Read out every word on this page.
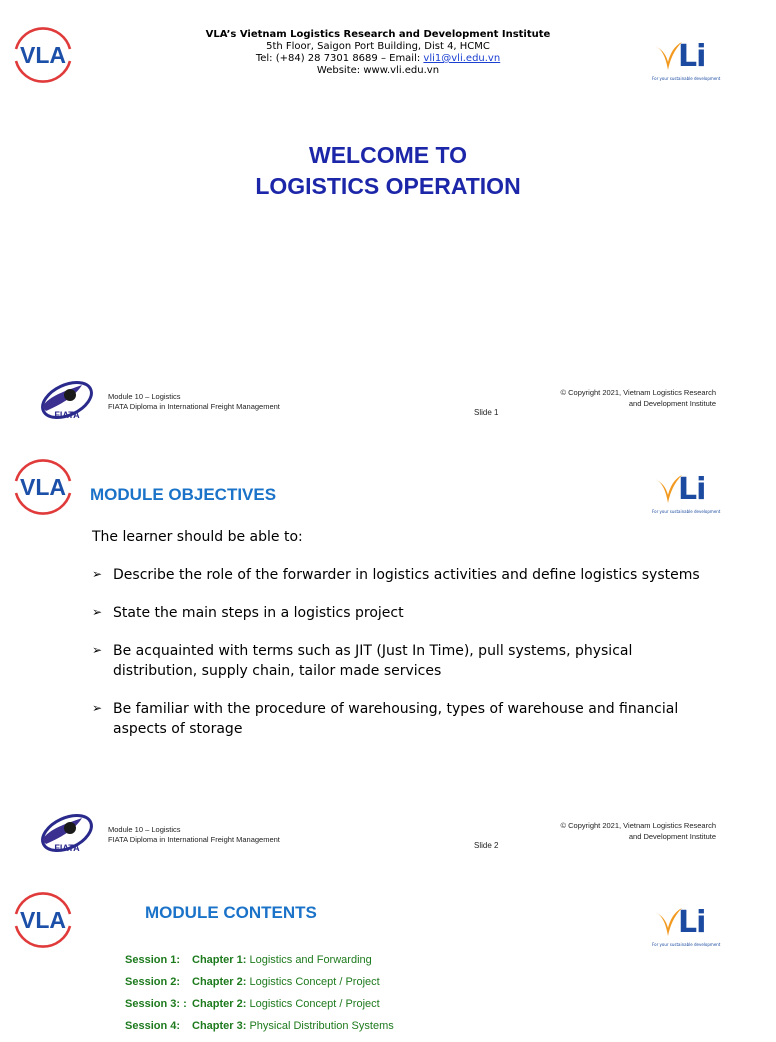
VLA
VLA’s Vietnam Logistics Research and Development Institute
5th Floor, Saigon Port Building, Dist 4, HCMC
Tel: (+84) 28 7301 8689 – Email: vli1@vli.edu.vn
Website: www.vli.edu.vn	Li
For your sustainable development
WELCOME TO
LOGISTICS OPERATION
FIATA
Module 10 – Logistics
FIATA Diploma in International Freight Management
© Copyright 2021, Vietnam Logistics Research
and Development Institute
Slide 1
VLA MODULE OBJECTIVES	Li
For your sustainable development
The learner should be able to:
➢ Describe the role of the forwarder in logistics activities and define logistics systems
➢ State the main steps in a logistics project
➢ Be acquainted with terms such as JIT (Just In Time), pull systems, physical distribution, supply chain, tailor made services
➢ Be familiar with the procedure of warehousing, types of warehouse and financial aspects of storage
FIATA
Module 10 – Logistics
FIATA Diploma in International Freight Management
© Copyright 2021, Vietnam Logistics Research
and Development Institute
Slide 2
VLA	MODULE CONTENTS	Li
For your sustainable development
Session 1: Chapter 1: Logistics and Forwarding
Session 2: Chapter 2: Logistics Concept / Project
Session 3: : Chapter 2: Logistics Concept / Project
Session 4: Chapter 3: Physical Distribution Systems
